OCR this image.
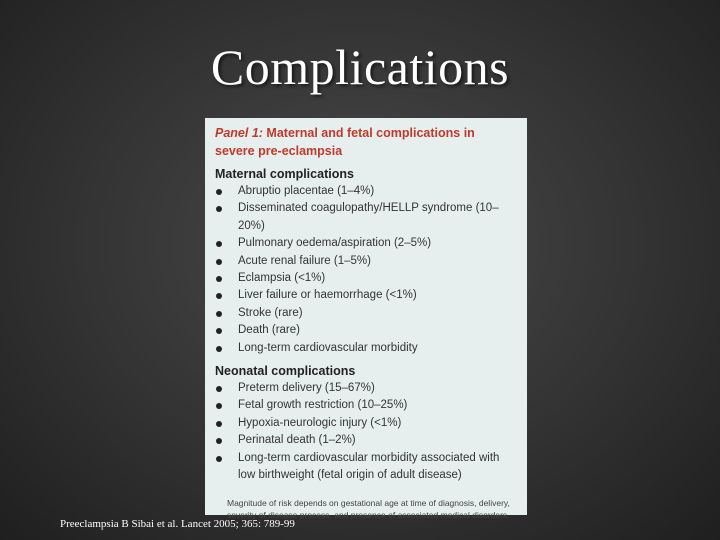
Complications
Panel 1: Maternal and fetal complications in severe pre-eclampsia
Maternal complications
Abruptio placentae (1–4%)
Disseminated coagulopathy/HELLP syndrome (10–20%)
Pulmonary oedema/aspiration (2–5%)
Acute renal failure (1–5%)
Eclampsia (<1%)
Liver failure or haemorrhage (<1%)
Stroke (rare)
Death (rare)
Long-term cardiovascular morbidity
Neonatal complications
Preterm delivery (15–67%)
Fetal growth restriction (10–25%)
Hypoxia-neurologic injury (<1%)
Perinatal death (1–2%)
Long-term cardiovascular morbidity associated with low birthweight (fetal origin of adult disease)
Magnitude of risk depends on gestational age at time of diagnosis, delivery, severity of disease process, and presence of associated medical disorders.
Preeclampsia B Sibai et al. Lancet 2005; 365: 789-99
